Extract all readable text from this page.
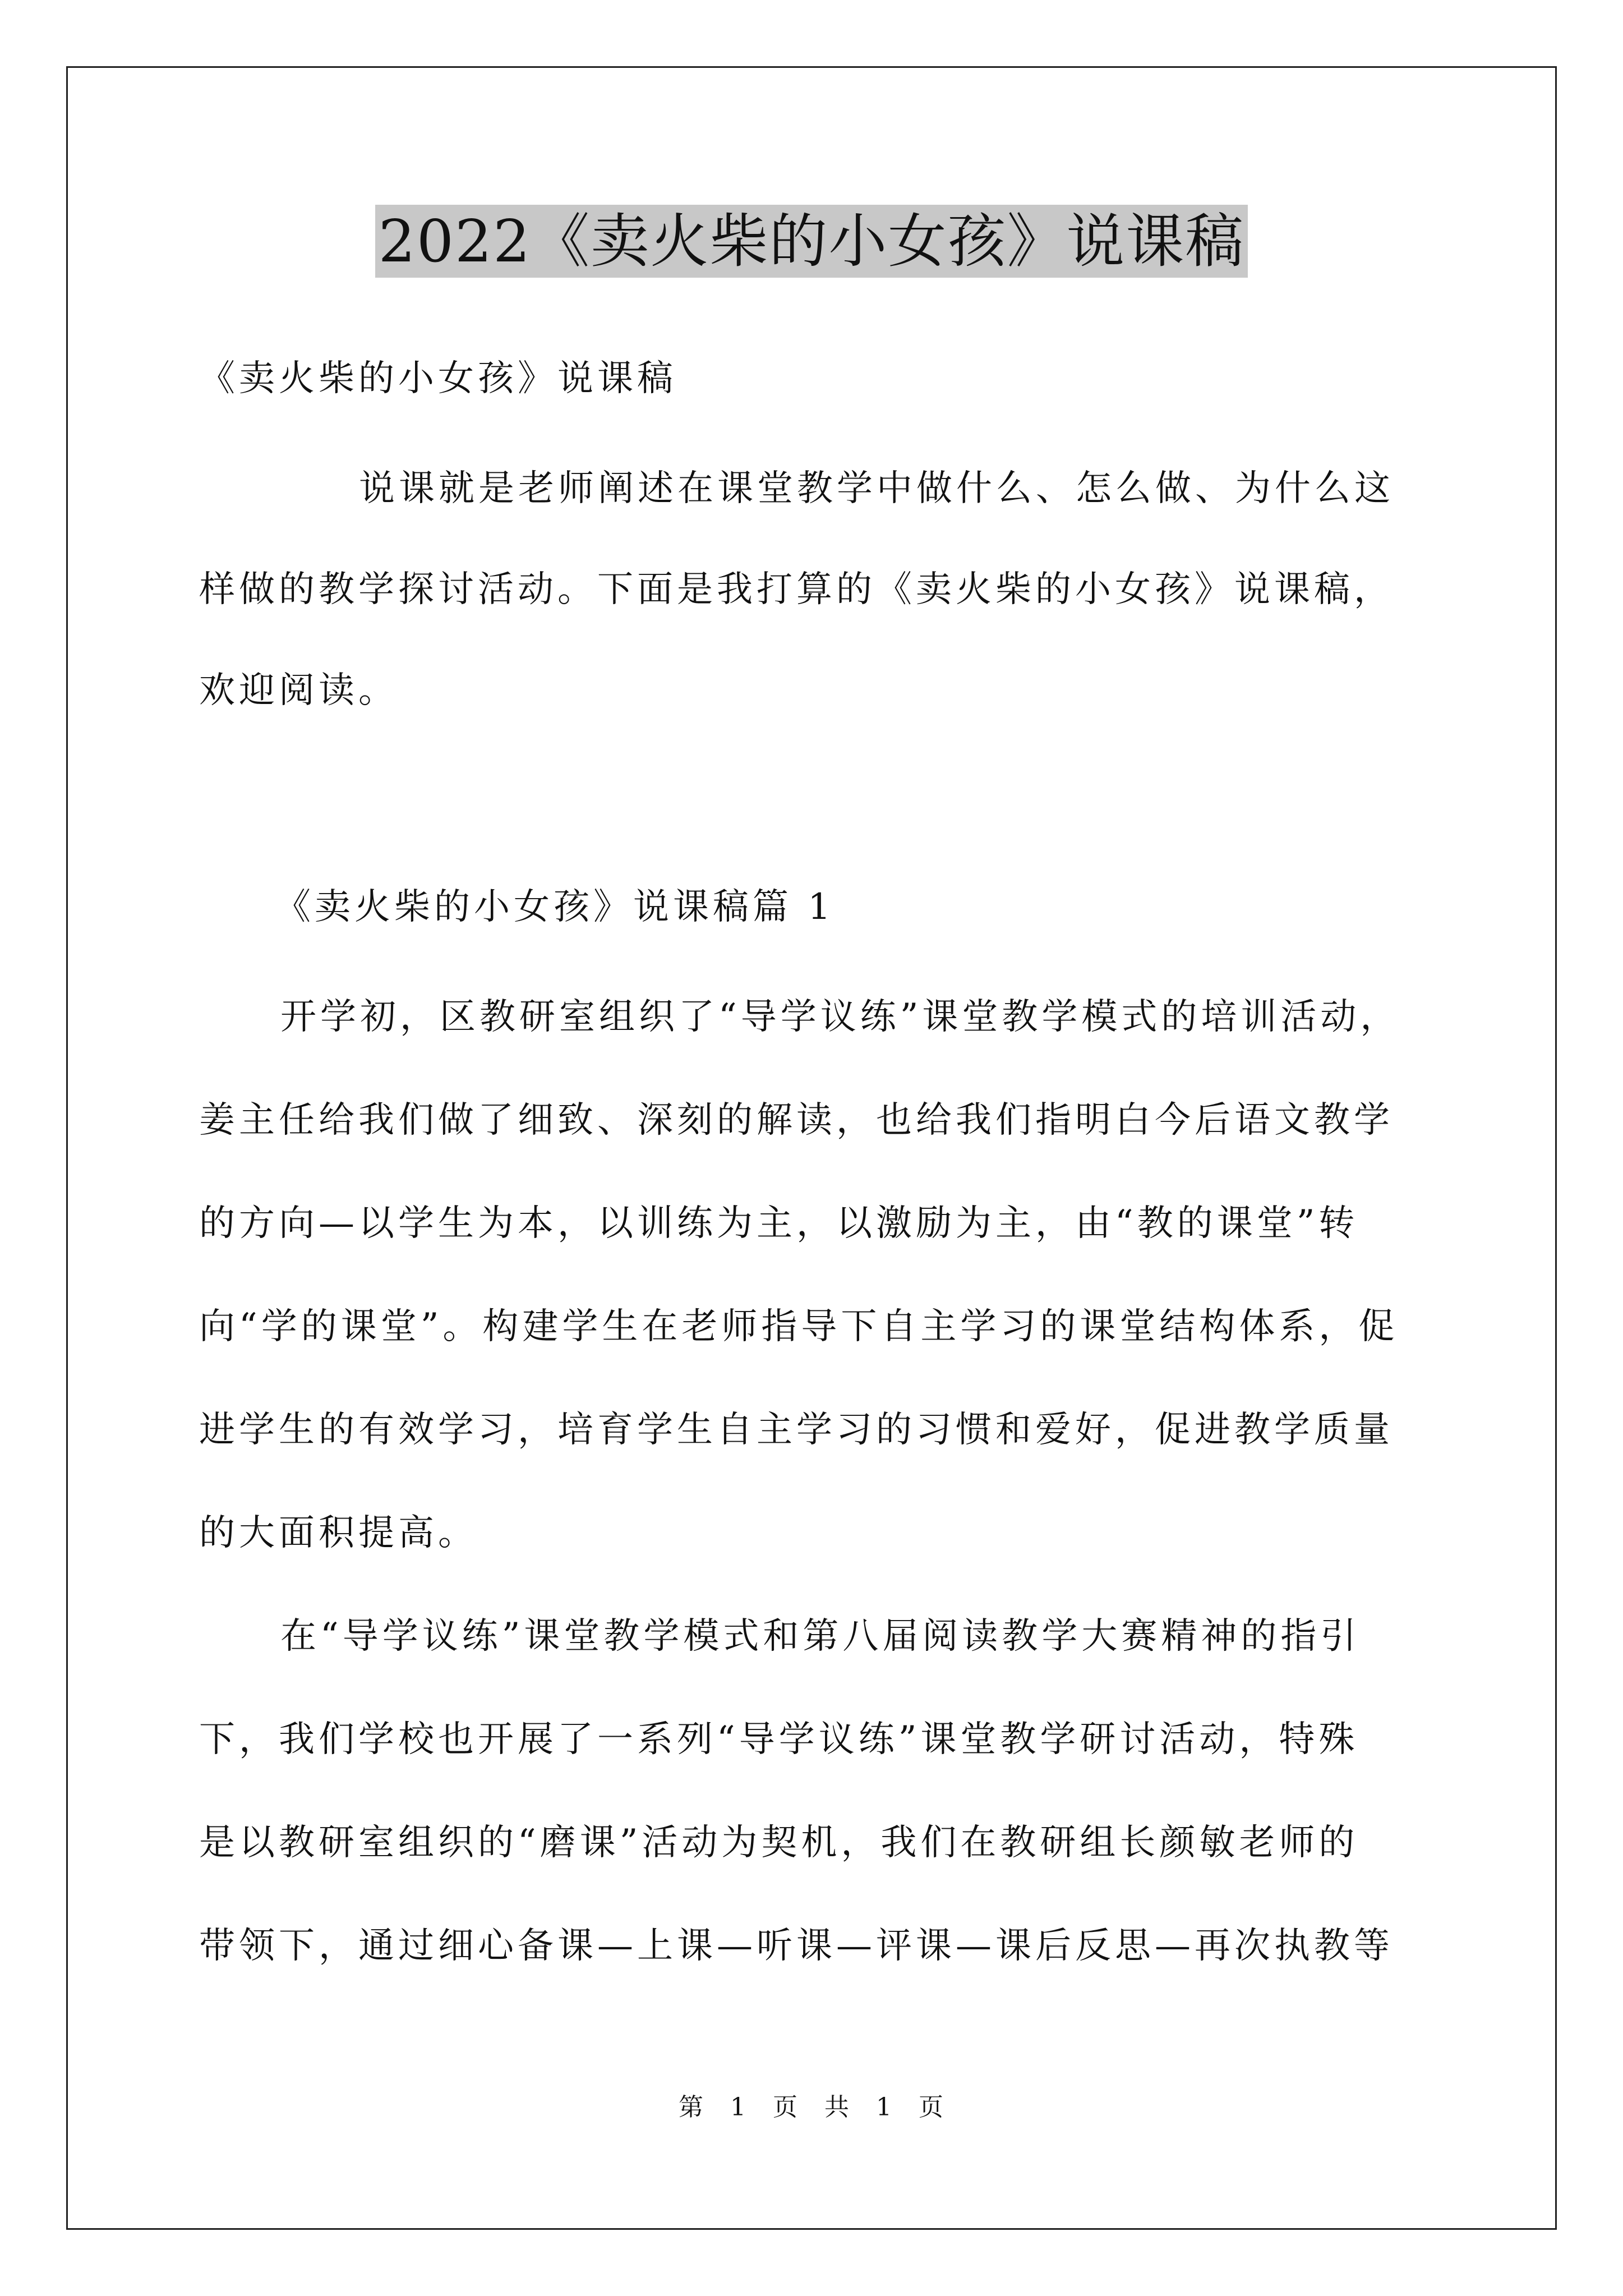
2022《卖火柴的小女孩》说课稿
《卖火柴的小女孩》说课稿
说课就是老师阐述在课堂教学中做什么、怎么做、为什么这
样做的教学探讨活动。下面是我打算的《卖火柴的小女孩》说课稿，
欢迎阅读。
《卖火柴的小女孩》说课稿篇 1
开学初，区教研室组织了“导学议练”课堂教学模式的培训活动，
姜主任给我们做了细致、深刻的解读，也给我们指明白今后语文教学
的方向—以学生为本，以训练为主，以激励为主，由“教的课堂”转
向“学的课堂”。构建学生在老师指导下自主学习的课堂结构体系，促
进学生的有效学习，培育学生自主学习的习惯和爱好，促进教学质量
的大面积提高。
在“导学议练”课堂教学模式和第八届阅读教学大赛精神的指引
下，我们学校也开展了一系列“导学议练”课堂教学研讨活动，特殊
是以教研室组织的“磨课”活动为契机，我们在教研组长颜敏老师的
带领下，通过细心备课—上课—听课—评课—课后反思—再次执教等
第 1 页 共 1 页
